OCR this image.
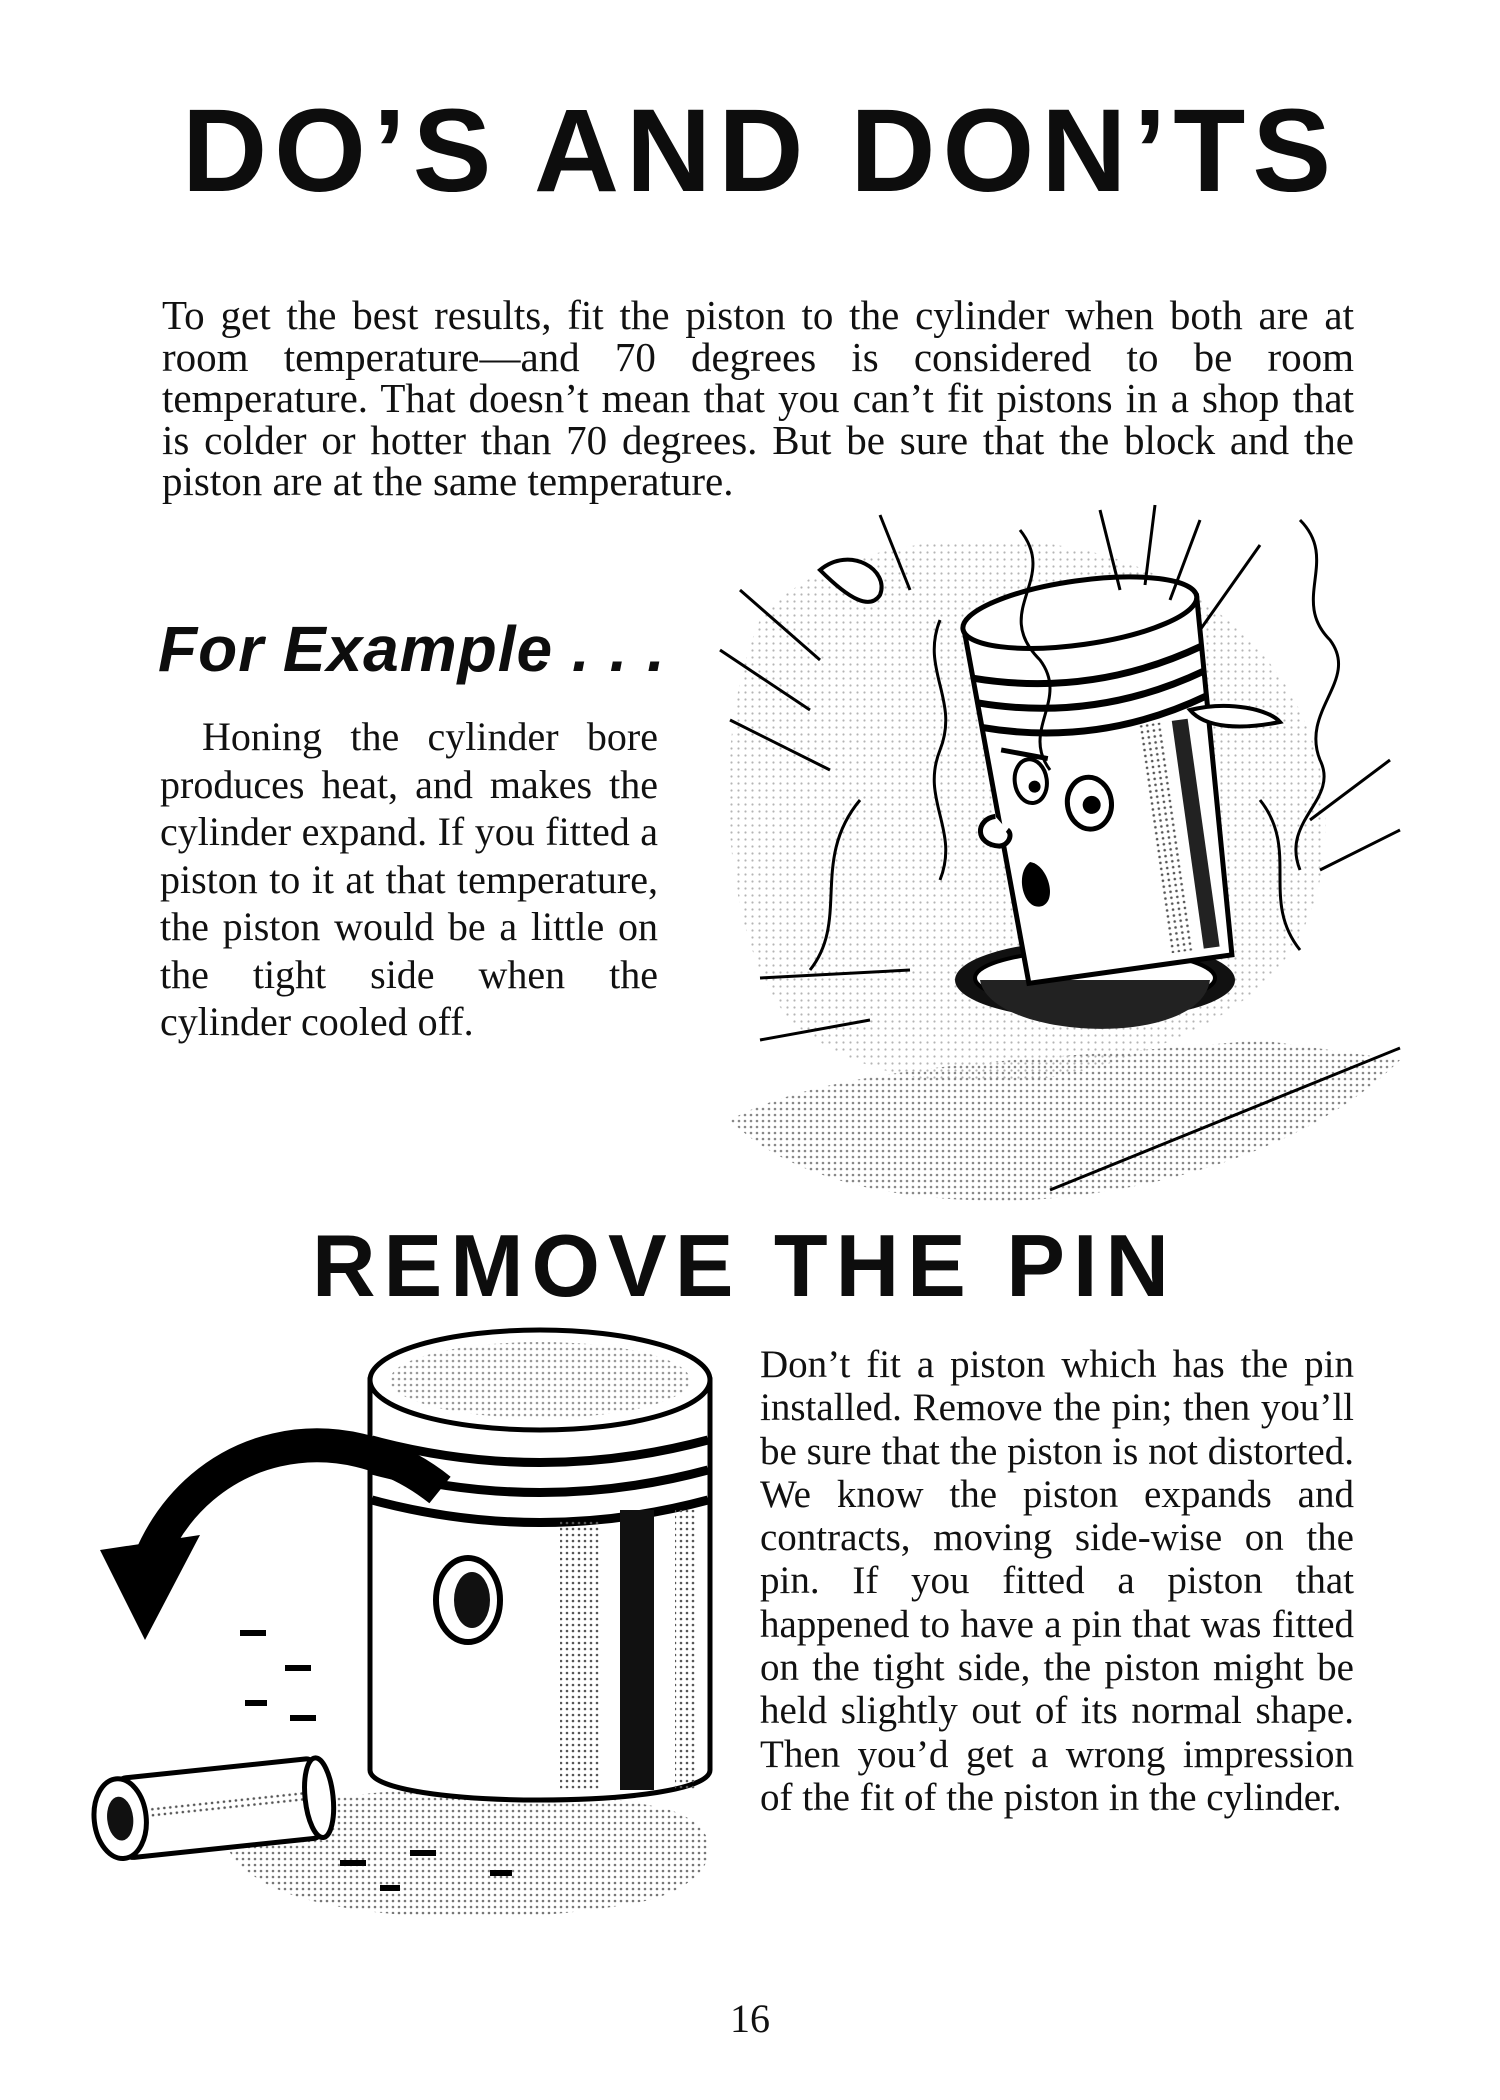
DO’S AND DON’TS

To get the best results, fit the piston to the cylinder when both are at room temperature—and 70 degrees is considered to be room temperature. That doesn’t mean that you can’t fit pistons in a shop that is colder or hotter than 70 degrees. But be sure that the block and the piston are at the same temperature.

For Example . . .

Honing the cylinder bore produces heat, and makes the cylinder expand. If you fitted a piston to it at that temperature, the piston would be a little on the tight side when the cylinder cooled off.

REMOVE THE PIN

Don’t fit a piston which has the pin installed. Remove the pin; then you’ll be sure that the piston is not distorted. We know the piston expands and contracts, moving side-wise on the pin. If you fitted a piston that happened to have a pin that was fitted on the tight side, the piston might be held slightly out of its normal shape. Then you’d get a wrong impression of the fit of the piston in the cylinder.

16
